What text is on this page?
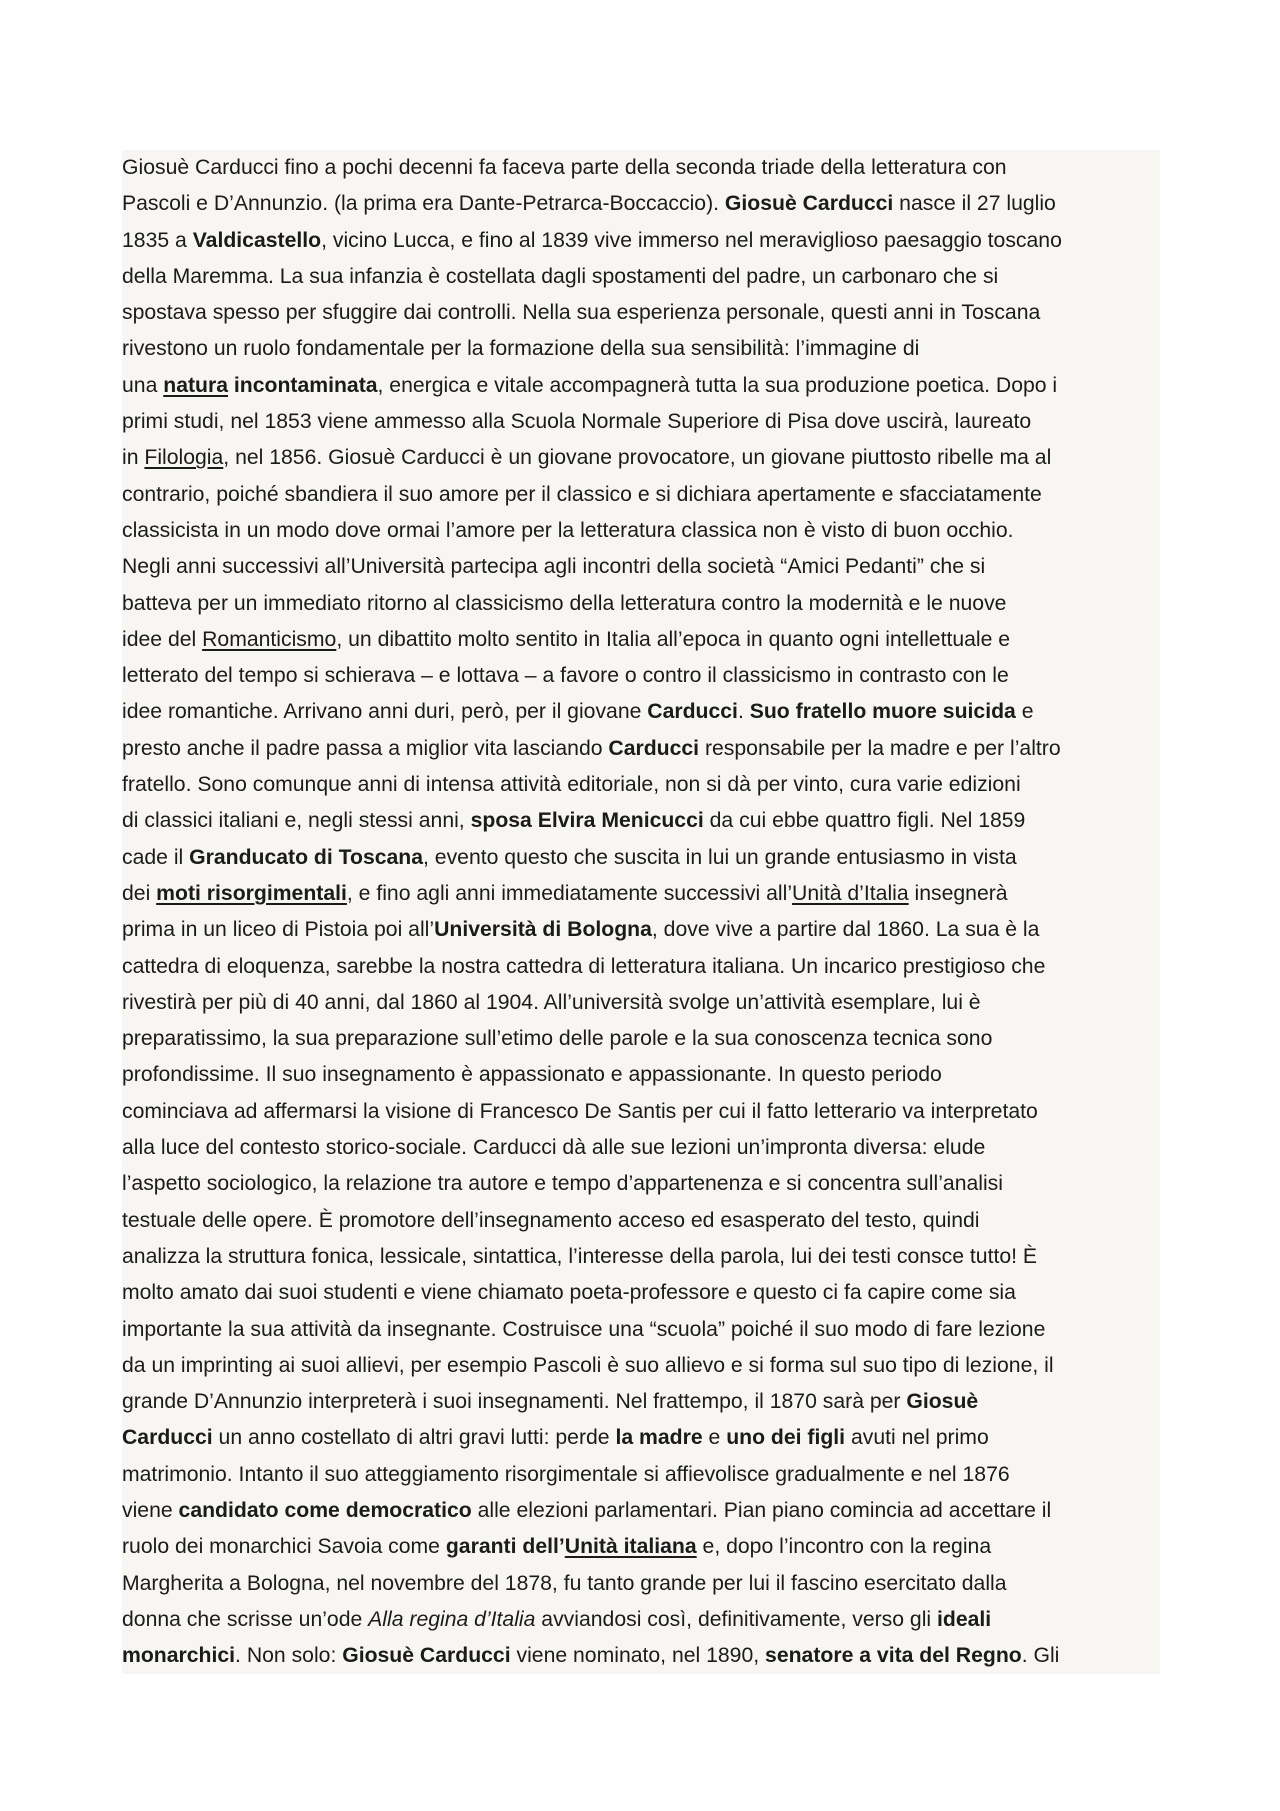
Giosuè Carducci fino a pochi decenni fa faceva parte della seconda triade della letteratura con
Pascoli e D’Annunzio. (la prima era Dante-Petrarca-Boccaccio). Giosuè Carducci nasce il 27 luglio
1835 a Valdicastello, vicino Lucca, e fino al 1839 vive immerso nel meraviglioso paesaggio toscano
della Maremma. La sua infanzia è costellata dagli spostamenti del padre, un carbonaro che si
spostava spesso per sfuggire dai controlli. Nella sua esperienza personale, questi anni in Toscana
rivestono un ruolo fondamentale per la formazione della sua sensibilità: l’immagine di
una natura incontaminata, energica e vitale accompagnerà tutta la sua produzione poetica. Dopo i
primi studi, nel 1853 viene ammesso alla Scuola Normale Superiore di Pisa dove uscirà, laureato
in Filologia, nel 1856. Giosuè Carducci è un giovane provocatore, un giovane piuttosto ribelle ma al
contrario, poiché sbandiera il suo amore per il classico e si dichiara apertamente e sfacciatamente
classicista in un modo dove ormai l’amore per la letteratura classica non è visto di buon occhio.
Negli anni successivi all’Università partecipa agli incontri della società “Amici Pedanti” che si
batteva per un immediato ritorno al classicismo della letteratura contro la modernità e le nuove
idee del Romanticismo, un dibattito molto sentito in Italia all’epoca in quanto ogni intellettuale e
letterato del tempo si schierava – e lottava – a favore o contro il classicismo in contrasto con le
idee romantiche. Arrivano anni duri, però, per il giovane Carducci. Suo fratello muore suicida e
presto anche il padre passa a miglior vita lasciando Carducci responsabile per la madre e per l’altro
fratello. Sono comunque anni di intensa attività editoriale, non si dà per vinto, cura varie edizioni
di classici italiani e, negli stessi anni, sposa Elvira Menicucci da cui ebbe quattro figli. Nel 1859
cade il Granducato di Toscana, evento questo che suscita in lui un grande entusiasmo in vista
dei moti risorgimentali, e fino agli anni immediatamente successivi all’Unità d’Italia insegnerà
prima in un liceo di Pistoia poi all’Università di Bologna, dove vive a partire dal 1860. La sua è la
cattedra di eloquenza, sarebbe la nostra cattedra di letteratura italiana. Un incarico prestigioso che
rivestirà per più di 40 anni, dal 1860 al 1904. All’università svolge un’attività esemplare, lui è
preparatissimo, la sua preparazione sull’etimo delle parole e la sua conoscenza tecnica sono
profondissime. Il suo insegnamento è appassionato e appassionante. In questo periodo
cominciava ad affermarsi la visione di Francesco De Santis per cui il fatto letterario va interpretato
alla luce del contesto storico-sociale. Carducci dà alle sue lezioni un’impronta diversa: elude
l’aspetto sociologico, la relazione tra autore e tempo d’appartenenza e si concentra sull’analisi
testuale delle opere. È promotore dell’insegnamento acceso ed esasperato del testo, quindi
analizza la struttura fonica, lessicale, sintattica, l’interesse della parola, lui dei testi consce tutto! È
molto amato dai suoi studenti e viene chiamato poeta-professore e questo ci fa capire come sia
importante la sua attività da insegnante. Costruisce una “scuola” poiché il suo modo di fare lezione
da un imprinting ai suoi allievi, per esempio Pascoli è suo allievo e si forma sul suo tipo di lezione, il
grande D’Annunzio interpreterà i suoi insegnamenti. Nel frattempo, il 1870 sarà per Giosuè
Carducci un anno costellato di altri gravi lutti: perde la madre e uno dei figli avuti nel primo
matrimonio. Intanto il suo atteggiamento risorgimentale si affievolisce gradualmente e nel 1876
viene candidato come democratico alle elezioni parlamentari. Pian piano comincia ad accettare il
ruolo dei monarchici Savoia come garanti dell’Unità italiana e, dopo l’incontro con la regina
Margherita a Bologna, nel novembre del 1878, fu tanto grande per lui il fascino esercitato dalla
donna che scrisse un’ode Alla regina d’Italia avviandosi così, definitivamente, verso gli ideali
monarchici. Non solo: Giosuè Carducci viene nominato, nel 1890, senatore a vita del Regno. Gli
